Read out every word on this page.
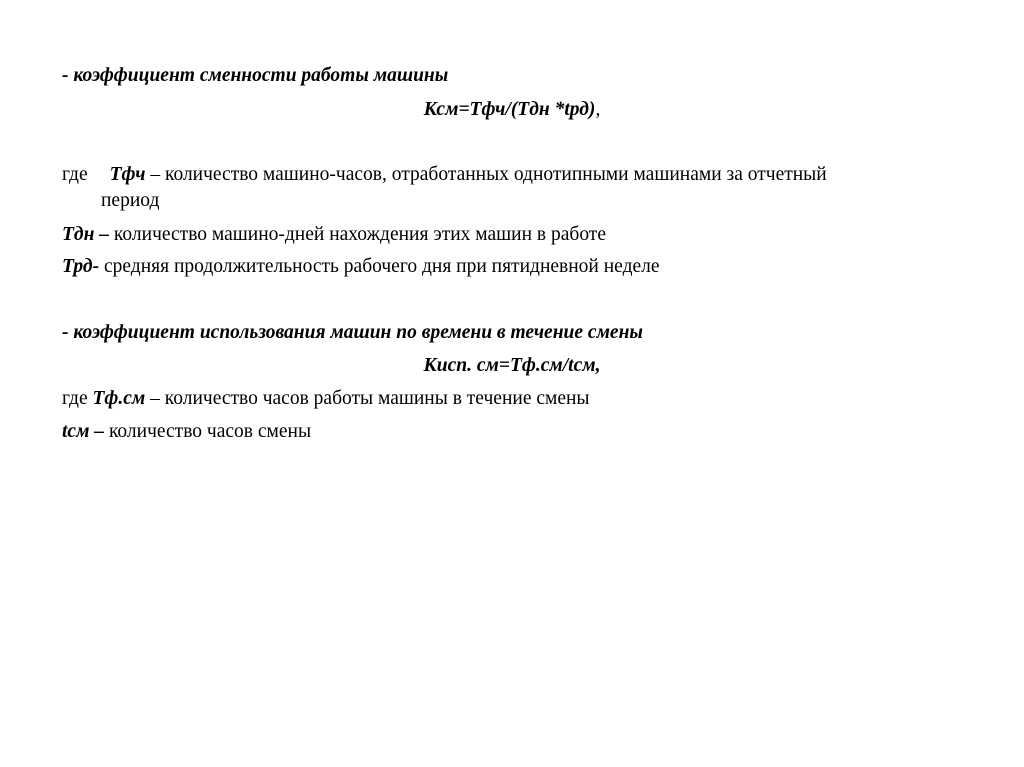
- коэффициент сменности работы машины
Ксм=Тфч/(Тдн *tрд),
где Тфч – количество машино-часов, отработанных однотипными машинами за отчетный
период
Тдн – количество машино-дней нахождения этих машин в работе
Трд- средняя продолжительность рабочего дня при пятидневной неделе
- коэффициент использования машин по времени в течение смены
Кисп. см=Тф.см/tсм,
где Тф.см – количество часов работы машины в течение смены
tсм – количество часов смены
